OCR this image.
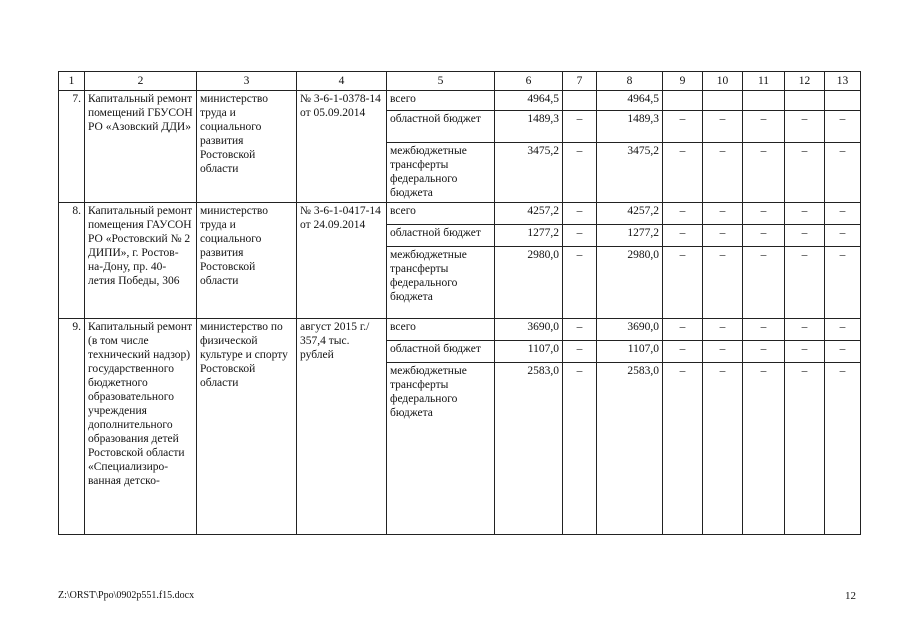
1	2	3	4	5	6	7	8	9	10	11	12	13
7.	Капитальный ремонт помещений ГБУСОН РО «Азовский ДДИ»	министерство труда и социального развития Ростовской области	№ 3-6-1-0378-14 от 05.09.2014	всего	4964,5		4964,5					
				областной бюджет	1489,3	–	1489,3	–	–	–	–	–
				межбюджетные трансферты федерального бюджета	3475,2	–	3475,2	–	–	–	–	–
8.	Капитальный ремонт помещения ГАУСОН РО «Ростовский № 2 ДИПИ», г. Ростов-на-Дону, пр. 40-летия Победы, 306	министерство труда и социального развития Ростовской области	№ 3-6-1-0417-14 от 24.09.2014	всего	4257,2	–	4257,2	–	–	–	–	–
				областной бюджет	1277,2	–	1277,2	–	–	–	–	–
				межбюджетные трансферты федерального бюджета	2980,0	–	2980,0	–	–	–	–	–
9.	Капитальный ремонт (в том числе технический надзор) государственного бюджетного образовательного учреждения дополнительного образования детей Ростовской области «Специализиро-ванная детско-	министерство по физической культуре и спорту Ростовской области	август 2015 г./ 357,4 тыс. рублей	всего	3690,0	–	3690,0	–	–	–	–	–
				областной бюджет	1107,0	–	1107,0	–	–	–	–	–
				межбюджетные трансферты федерального бюджета	2583,0	–	2583,0	–	–	–	–	–
Z:\ORST\Ppo\0902p551.f15.docx	12
